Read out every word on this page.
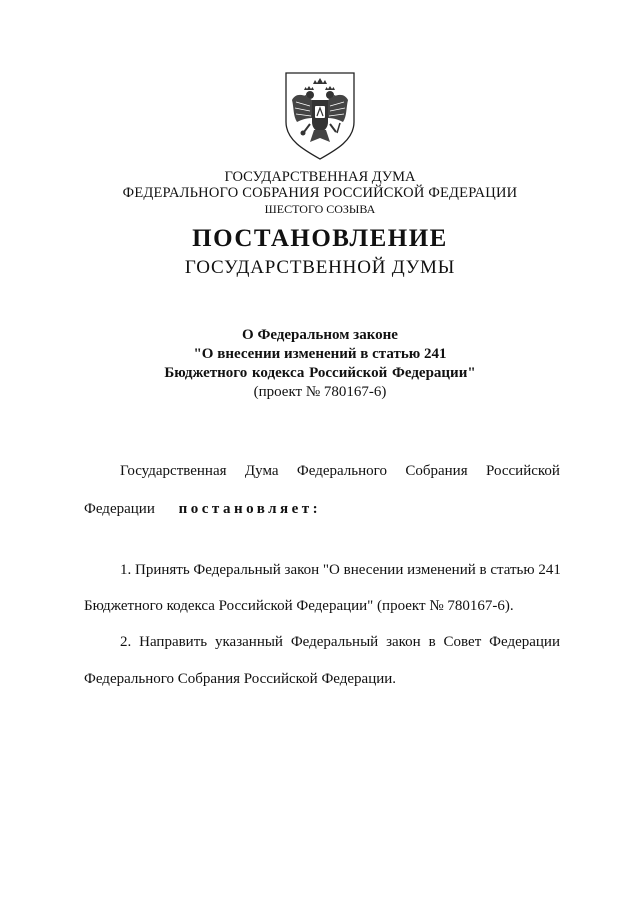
ГОСУДАРСТВЕННАЯ ДУМА
ФЕДЕРАЛЬНОГО СОБРАНИЯ РОССИЙСКОЙ ФЕДЕРАЦИИ
ШЕСТОГО СОЗЫВА
ПОСТАНОВЛЕНИЕ
ГОСУДАРСТВЕННОЙ ДУМЫ
О Федеральном законе
"О внесении изменений в статью 241
Бюджетного кодекса Российской Федерации"
(проект № 780167-6)
Государственная Дума Федерального Собрания Российской
Федерации постановляет:
1. Принять Федеральный закон "О внесении изменений в статью 241
Бюджетного кодекса Российской Федерации" (проект № 780167-6).
2. Направить указанный Федеральный закон в Совет Федерации
Федерального Собрания Российской Федерации.
